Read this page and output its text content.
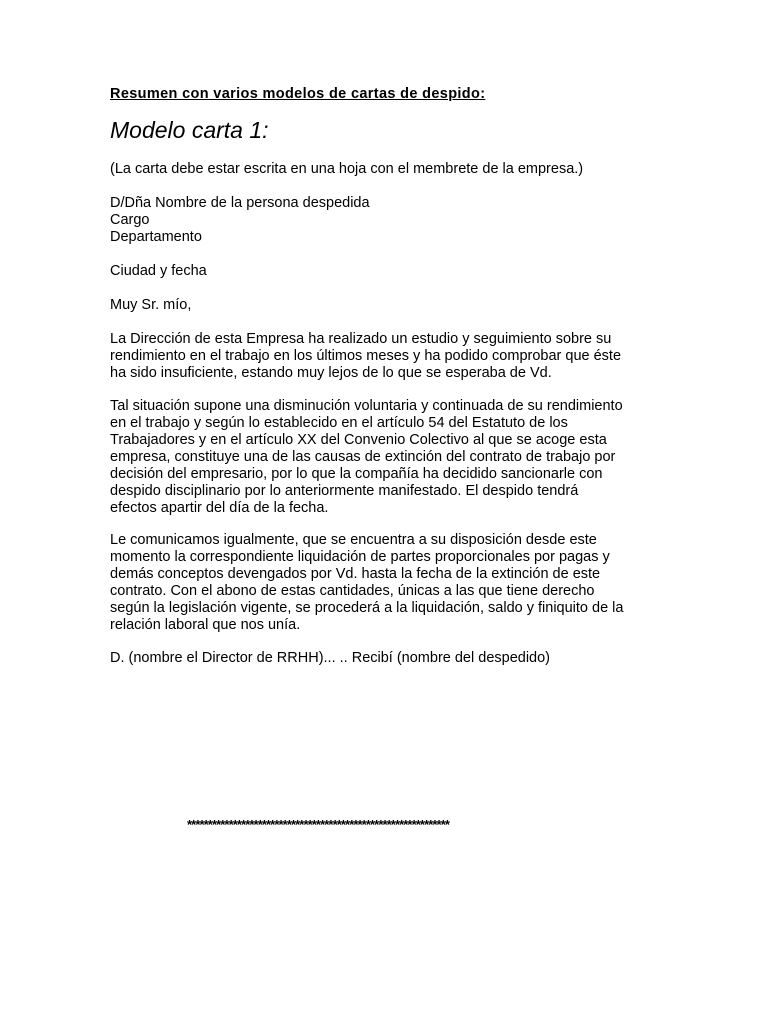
Resumen con varios modelos de cartas de despido:
Modelo carta 1:

(La carta debe estar escrita en una hoja con el membrete de la empresa.)

D/Dña Nombre de la persona despedida
Cargo
Departamento

Ciudad y fecha

Muy Sr. mío,

La Dirección de esta Empresa ha realizado un estudio y seguimiento sobre su
rendimiento en el trabajo en los últimos meses y ha podido comprobar que éste
ha sido insuficiente, estando muy lejos de lo que se esperaba de Vd.

Tal situación supone una disminución voluntaria y continuada de su rendimiento
en el trabajo y según lo establecido en el artículo 54 del Estatuto de los
Trabajadores y en el artículo XX del Convenio Colectivo al que se acoge esta
empresa, constituye una de las causas de extinción del contrato de trabajo por
decisión del empresario, por lo que la compañía ha decidido sancionarle con
despido disciplinario por lo anteriormente manifestado. El despido tendrá
efectos apartir del día de la fecha.

Le comunicamos igualmente, que se encuentra a su disposición desde este
momento la correspondiente liquidación de partes proporcionales por pagas y
demás conceptos devengados por Vd. hasta la fecha de la extinción de este
contrato. Con el abono de estas cantidades, únicas a las que tiene derecho
según la legislación vigente, se procederá a la liquidación, saldo y finiquito de la
relación laboral que nos unía.

D. (nombre el Director de RRHH)... .. Recibí (nombre del despedido)

***************************************************************
